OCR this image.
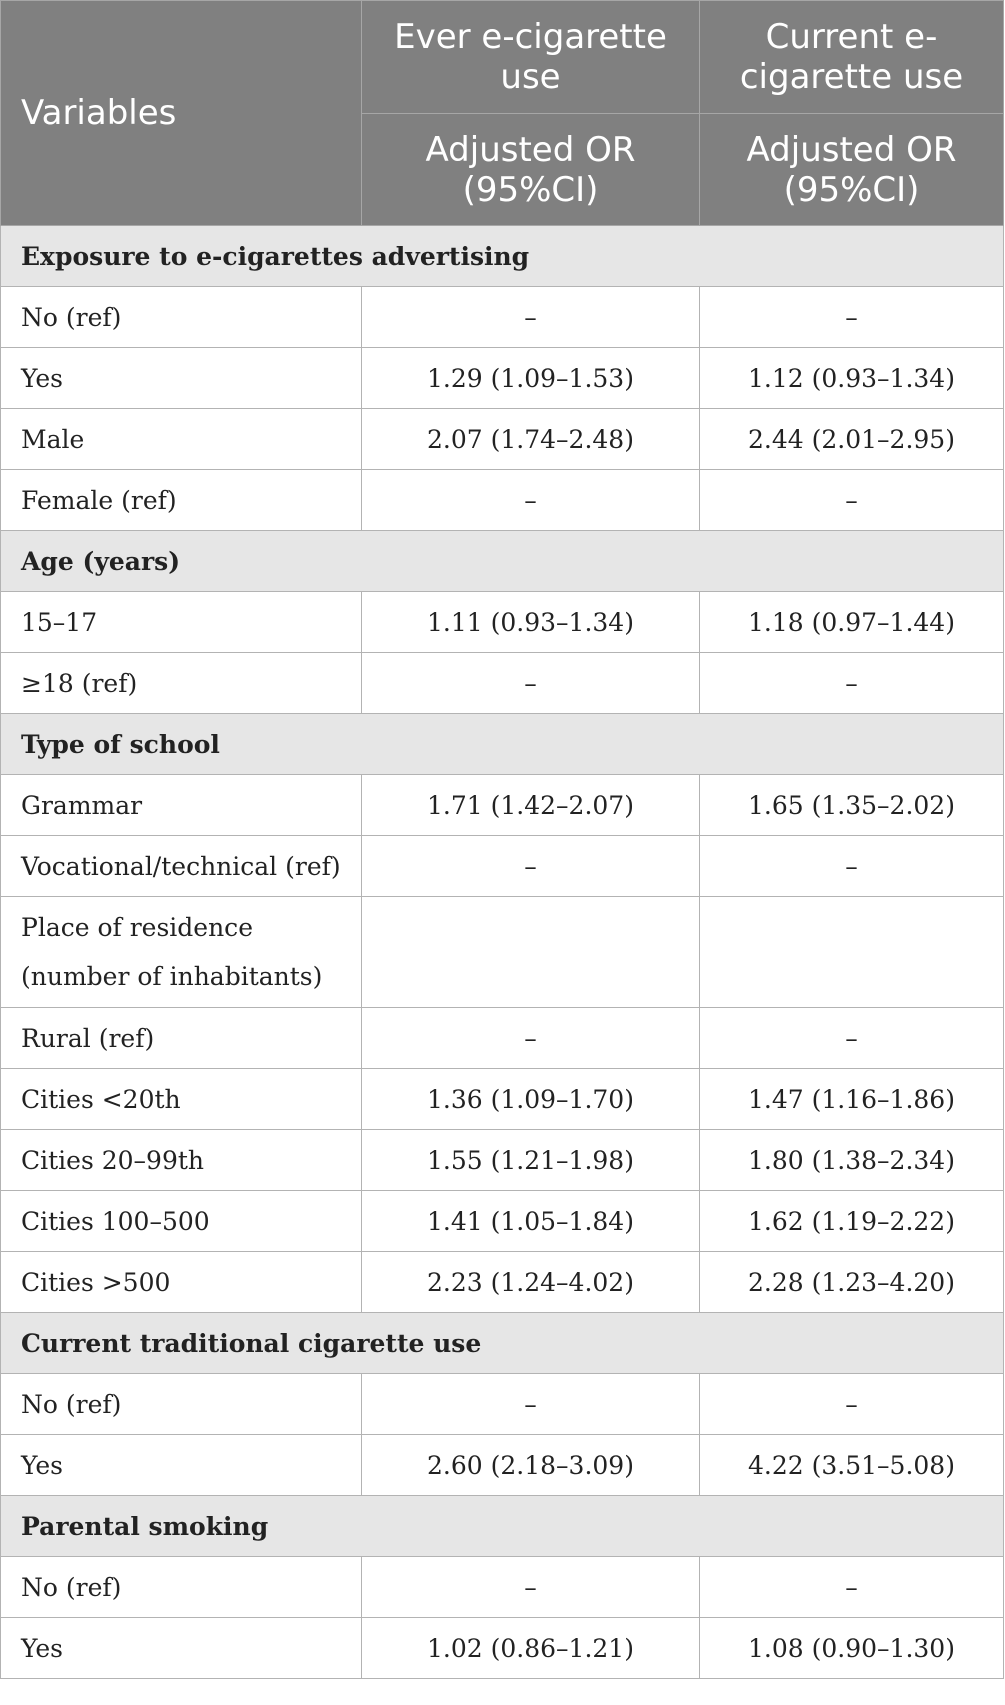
Variables	Ever e-cigarette use	Current e-cigarette use
	Adjusted OR (95%CI)	Adjusted OR (95%CI)
Exposure to e-cigarettes advertising		
No (ref)	–	–
Yes	1.29 (1.09–1.53)	1.12 (0.93–1.34)
Male	2.07 (1.74–2.48)	2.44 (2.01–2.95)
Female (ref)	–	–
Age (years)		
15–17	1.11 (0.93–1.34)	1.18 (0.97–1.44)
≥18 (ref)	–	–
Type of school		
Grammar	1.71 (1.42–2.07)	1.65 (1.35–2.02)
Vocational/technical (ref)	–	–
Place of residence (number of inhabitants)		
Rural (ref)	–	–
Cities <20th	1.36 (1.09–1.70)	1.47 (1.16–1.86)
Cities 20–99th	1.55 (1.21–1.98)	1.80 (1.38–2.34)
Cities 100–500	1.41 (1.05–1.84)	1.62 (1.19–2.22)
Cities >500	2.23 (1.24–4.02)	2.28 (1.23–4.20)
Current traditional cigarette use		
No (ref)	–	–
Yes	2.60 (2.18–3.09)	4.22 (3.51–5.08)
Parental smoking		
No (ref)	–	–
Yes	1.02 (0.86–1.21)	1.08 (0.90–1.30)
